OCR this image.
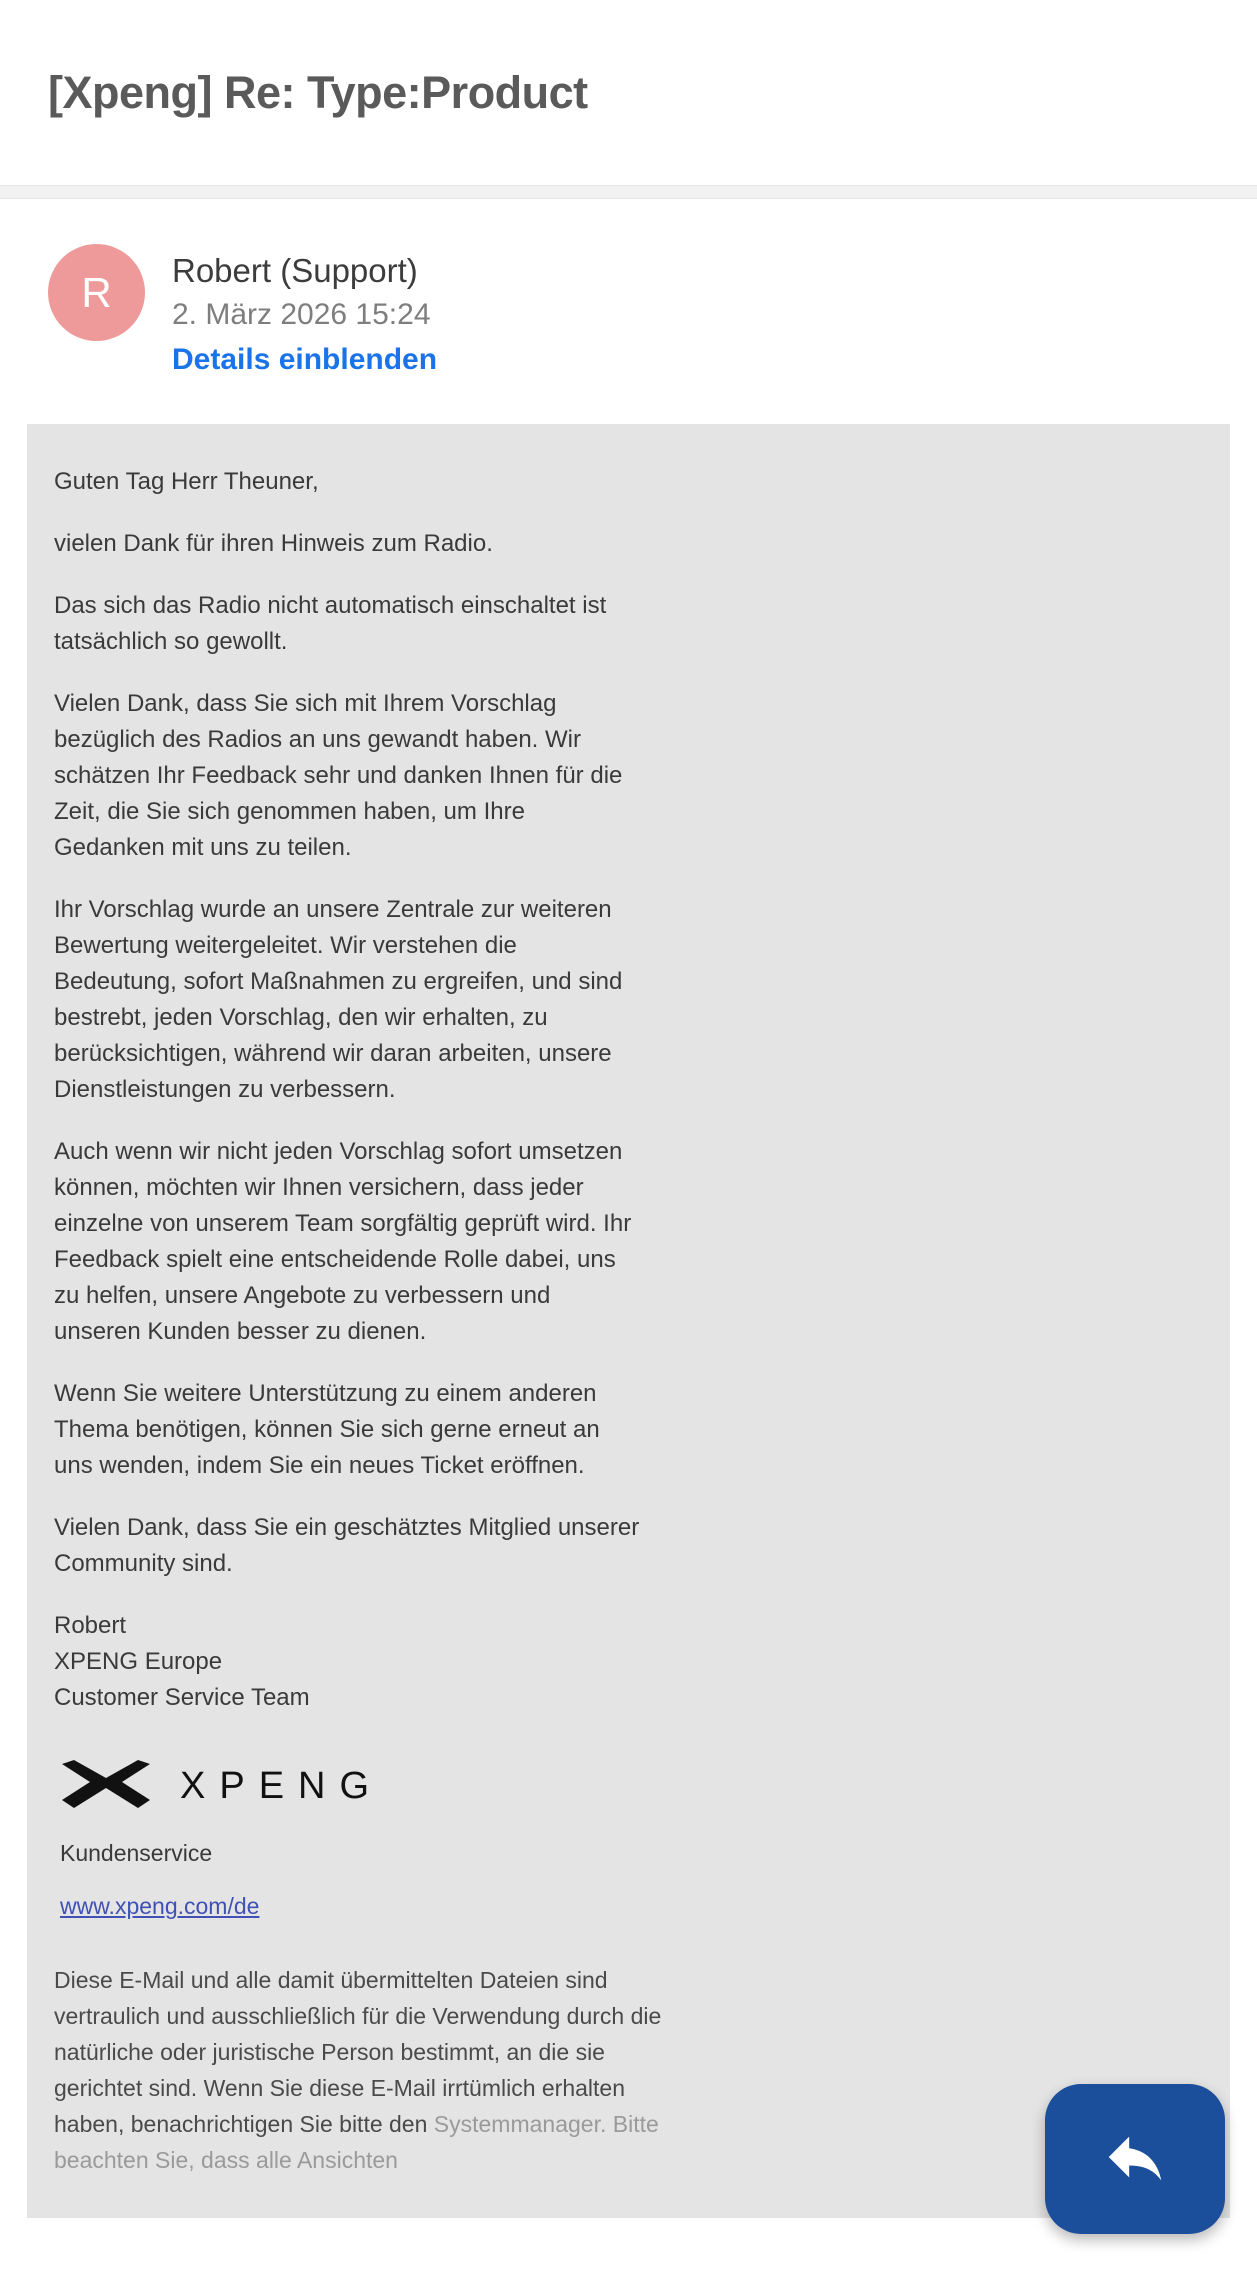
[Xpeng] Re: Type:Product
R	Robert (Support)
2. März 2026 15:24
Details einblenden

Guten Tag Herr Theuner,

vielen Dank für ihren Hinweis zum Radio.

Das sich das Radio nicht automatisch einschaltet ist tatsächlich so gewollt.

Vielen Dank, dass Sie sich mit Ihrem Vorschlag bezüglich des Radios an uns gewandt haben. Wir schätzen Ihr Feedback sehr und danken Ihnen für die Zeit, die Sie sich genommen haben, um Ihre Gedanken mit uns zu teilen.

Ihr Vorschlag wurde an unsere Zentrale zur weiteren Bewertung weitergeleitet. Wir verstehen die Bedeutung, sofort Maßnahmen zu ergreifen, und sind bestrebt, jeden Vorschlag, den wir erhalten, zu berücksichtigen, während wir daran arbeiten, unsere Dienstleistungen zu verbessern.

Auch wenn wir nicht jeden Vorschlag sofort umsetzen können, möchten wir Ihnen versichern, dass jeder einzelne von unserem Team sorgfältig geprüft wird. Ihr Feedback spielt eine entscheidende Rolle dabei, uns zu helfen, unsere Angebote zu verbessern und unseren Kunden besser zu dienen.

Wenn Sie weitere Unterstützung zu einem anderen Thema benötigen, können Sie sich gerne erneut an uns wenden, indem Sie ein neues Ticket eröffnen.

Vielen Dank, dass Sie ein geschätztes Mitglied unserer Community sind.

Robert
XPENG Europe
Customer Service Team
XPENG
Kundenservice
www.xpeng.com/de
Diese E-Mail und alle damit übermittelten Dateien sind vertraulich und ausschließlich für die Verwendung durch die natürliche oder juristische Person bestimmt, an die sie gerichtet sind. Wenn Sie diese E-Mail irrtümlich erhalten haben, benachrichtigen Sie bitte den Systemmanager. Bitte beachten Sie, dass alle Ansichten
